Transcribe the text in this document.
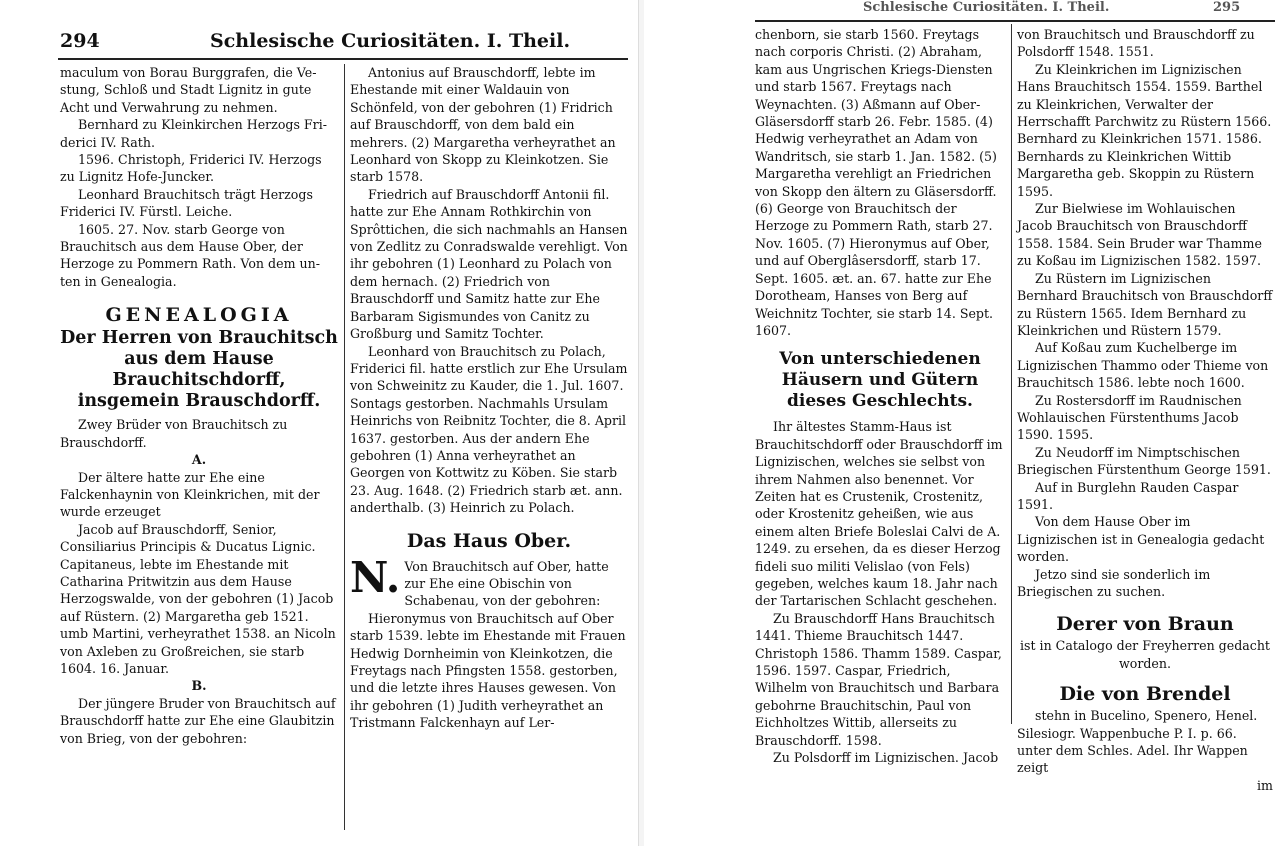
294	Schlesische Curiositäten. I. Theil.

maculum von Borau Burggrafen, die Ve-

stung, Schloß und Stadt Lignitz in gute

Acht und Verwahrung zu nehmen.

Bernhard zu Kleinkirchen Herzogs Fri-

derici IV. Rath.

1596. Christoph, Friderici IV. Herzogs

zu Lignitz Hofe-Juncker.

Leonhard Brauchitsch trägt Herzogs

Friderici IV. Fürstl. Leiche.

1605. 27. Nov. starb George von

Brauchitsch aus dem Hause Ober, der

Herzoge zu Pommern Rath. Von dem un-

ten in Genealogia.

GENEALOGIA
Der Herren von Brauchitsch aus dem Hause Brauchitschdorff, insgemein Brauschdorff.

Zwey Brüder von Brauchitsch zu Brauschdorff.

A.

Der ältere hatte zur Ehe eine Falckenhaynin von Kleinkrichen, mit der wurde erzeuget

Jacob auf Brauschdorff, Senior, Consiliarius Principis & Ducatus Lignic. Capitaneus, lebte im Ehestande mit Catharina Pritwitzin aus dem Hause Herzogswalde, von der gebohren (1) Jacob auf Rüstern. (2) Margaretha geb 1521. umb Martini, verheyrathet 1538. an Nicoln von Axleben zu Großreichen, sie starb 1604. 16. Januar.

B.

Der jüngere Bruder von Brauchitsch auf Brauschdorff hatte zur Ehe eine Glaubitzin von Brieg, von der gebohren:

Antonius auf Brauschdorff, lebte im Ehestande mit einer Waldauin von Schönfeld, von der gebohren (1) Fridrich auf Brauschdorff, von dem bald ein mehrers. (2) Margaretha verheyrathet an Leonhard von Skopp zu Kleinkotzen. Sie starb 1578.

Friedrich auf Brauschdorff Antonii fil. hatte zur Ehe Annam Rothkirchin von Sprôttichen, die sich nachmahls an Hansen von Zedlitz zu Conradswalde verehligt. Von ihr gebohren (1) Leonhard zu Polach von dem hernach. (2) Friedrich von Brauschdorff und Samitz hatte zur Ehe Barbaram Sigismundes von Canitz zu Großburg und Samitz Tochter.

Leonhard von Brauchitsch zu Polach, Friderici fil. hatte erstlich zur Ehe Ursulam von Schweinitz zu Kauder, die 1. Jul. 1607. Sontags gestorben. Nachmahls Ursulam Heinrichs von Reibnitz Tochter, die 8. April 1637. gestorben. Aus der andern Ehe gebohren (1) Anna verheyrathet an Georgen von Kottwitz zu Köben. Sie starb 23. Aug. 1648. (2) Friedrich starb æt. ann. anderthalb. (3) Heinrich zu Polach.

Das Haus Ober.

N. Von Brauchitsch auf Ober, hatte zur Ehe eine Obischin von Schabenau, von der gebohren:

Hieronymus von Brauchitsch auf Ober starb 1539. lebte im Ehestande mit Frauen Hedwig Dornheimin von Kleinkotzen, die Freytags nach Pfingsten 1558. gestorben, und die letzte ihres Hauses gewesen. Von ihr gebohren (1) Judith verheyrathet an Tristmann Falckenhayn auf Ler-

Schlesische Curiositäten. I. Theil.	295

chenborn, sie starb 1560. Freytags nach corporis Christi. (2) Abraham, kam aus Ungrischen Kriegs-Diensten und starb 1567. Freytags nach Weynachten. (3) Aßmann auf Ober-Gläsersdorff starb 26. Febr. 1585. (4) Hedwig verheyrathet an Adam von Wandritsch, sie starb 1. Jan. 1582. (5) Margaretha verehligt an Friedrichen von Skopp den ältern zu Gläsersdorff. (6) George von Brauchitsch der Herzoge zu Pommern Rath, starb 27. Nov. 1605. (7) Hieronymus auf Ober, und auf Oberglâsersdorff, starb 17. Sept. 1605. æt. an. 67. hatte zur Ehe Dorotheam, Hanses von Berg auf Weichnitz Tochter, sie starb 14. Sept. 1607.

Von unterschiedenen Häusern und Gütern dieses Geschlechts.

Ihr ältestes Stamm-Haus ist Brauchitschdorff oder Brauschdorff im Lignizischen, welches sie selbst von ihrem Nahmen also benennet. Vor Zeiten hat es Crustenik, Crostenitz, oder Krostenitz geheißen, wie aus einem alten Briefe Boleslai Calvi de A. 1249. zu ersehen, da es dieser Herzog fideli suo militi Velislao (von Fels) gegeben, welches kaum 18. Jahr nach der Tartarischen Schlacht geschehen.

Zu Brauschdorff Hans Brauchitsch 1441. Thieme Brauchitsch 1447. Christoph 1586. Thamm 1589. Caspar, 1596. 1597. Caspar, Friedrich, Wilhelm von Brauchitsch und Barbara gebohrne Brauchitschin, Paul von Eichholtzes Wittib, allerseits zu Brauschdorff. 1598.

Zu Polsdorff im Lignizischen. Jacob

von Brauchitsch und Brauschdorff zu Polsdorff 1548. 1551.

Zu Kleinkrichen im Lignizischen Hans Brauchitsch 1554. 1559. Barthel zu Kleinkrichen, Verwalter der Herrschafft Parchwitz zu Rüstern 1566. Bernhard zu Kleinkrichen 1571. 1586. Bernhards zu Kleinkrichen Wittib Margaretha geb. Skoppin zu Rüstern 1595.

Zur Bielwiese im Wohlauischen Jacob Brauchitsch von Brauschdorff 1558. 1584. Sein Bruder war Thamme zu Koßau im Lignizischen 1582. 1597.

Zu Rüstern im Lignizischen Bernhard Brauchitsch von Brauschdorff zu Rüstern 1565. Idem Bernhard zu Kleinkrichen und Rüstern 1579.

Auf Koßau zum Kuchelberge im Lignizischen Thammo oder Thieme von Brauchitsch 1586. lebte noch 1600.

Zu Rostersdorff im Raudnischen Wohlauischen Fürstenthums Jacob 1590. 1595.

Zu Neudorff im Nimptschischen Briegischen Fürstenthum George 1591.

Auf in Burglehn Rauden Caspar 1591.

Von dem Hause Ober im Lignizischen ist in Genealogia gedacht worden.

Jetzo sind sie sonderlich im Briegischen zu suchen.

Derer von Braun

ist in Catalogo der Freyherren gedacht worden.

Die von Brendel

stehn in Bucelino, Spenero, Henel. Silesiogr. Wappenbuche P. I. p. 66. unter dem Schles. Adel. Ihr Wappen zeigt

im
